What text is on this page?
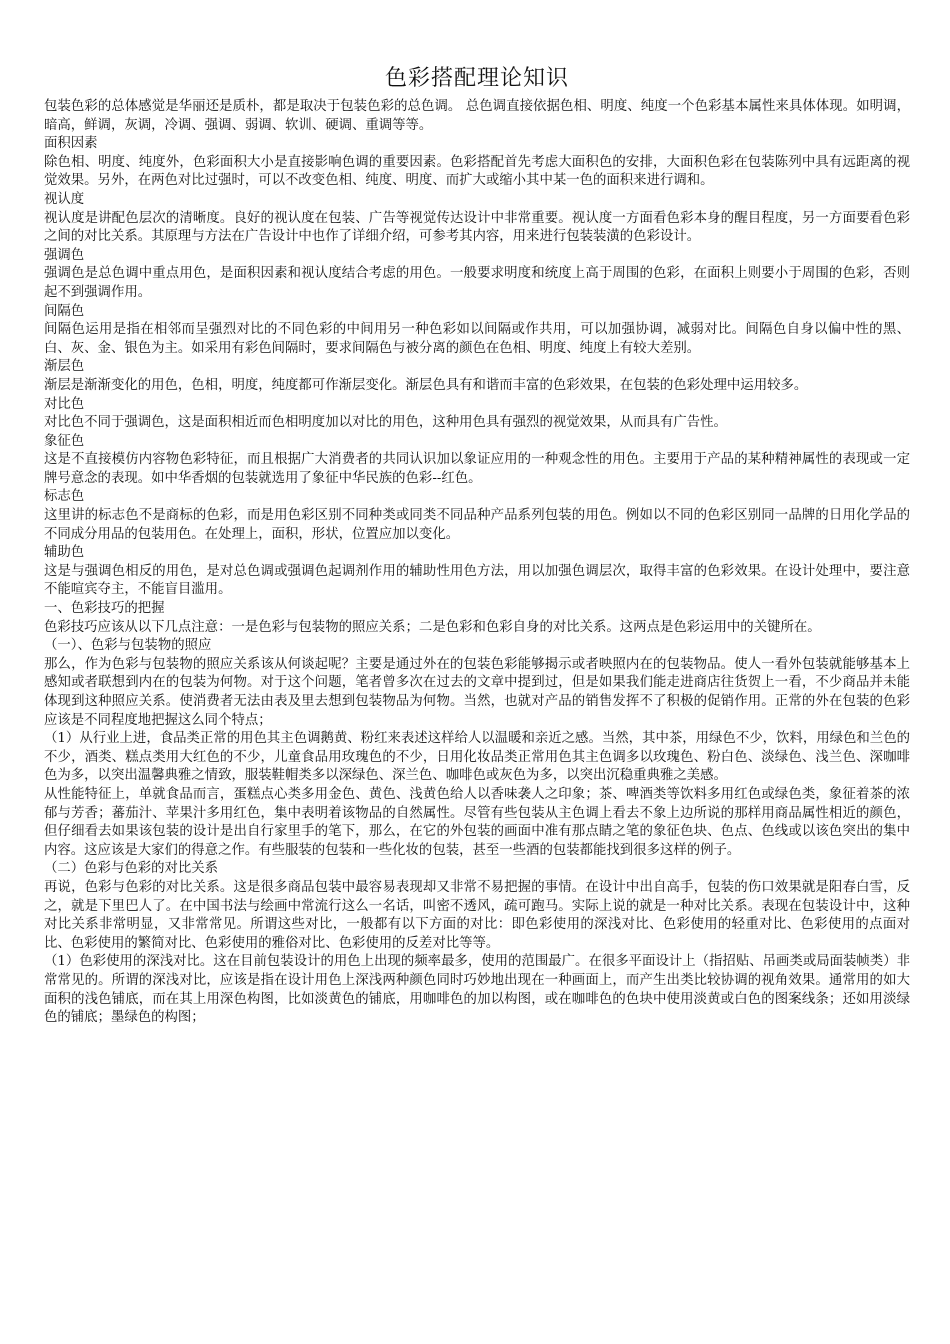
色彩搭配理论知识

包装色彩的总体感觉是华丽还是质朴，都是取决于包装色彩的总色调。 总色调直接依据色相、明度、纯度一个色彩基本属性来具体体现。如明调，暗高，鲜调，灰调，冷调、强调、弱调、软训、硬调、重调等等。

面积因素

除色相、明度、纯度外，色彩面积大小是直接影响色调的重要因素。色彩搭配首先考虑大面积色的安排，大面积色彩在包装陈列中具有远距离的视觉效果。另外，在两色对比过强时，可以不改变色相、纯度、明度、而扩大或缩小其中某一色的面积来进行调和。

视认度

视认度是讲配色层次的清晰度。良好的视认度在包装、广告等视觉传达设计中非常重要。视认度一方面看色彩本身的醒目程度，另一方面要看色彩之间的对比关系。其原理与方法在广告设计中也作了详细介绍，可参考其内容，用来进行包装装潢的色彩设计。

强调色

强调色是总色调中重点用色，是面积因素和视认度结合考虑的用色。一般要求明度和统度上高于周围的色彩，在面积上则要小于周围的色彩，否则起不到强调作用。

间隔色

间隔色运用是指在相邻而呈强烈对比的不同色彩的中间用另一种色彩如以间隔或作共用，可以加强协调，减弱对比。间隔色自身以偏中性的黑、白、灰、金、银色为主。如采用有彩色间隔时，要求间隔色与被分离的颜色在色相、明度、纯度上有较大差别。

渐层色

渐层是渐渐变化的用色，色相，明度，纯度都可作渐层变化。渐层色具有和谐而丰富的色彩效果，在包装的色彩处理中运用较多。

对比色

对比色不同于强调色，这是面积相近而色相明度加以对比的用色，这种用色具有强烈的视觉效果，从而具有广告性。

象征色

这是不直接模仿内容物色彩特征，而且根据广大消费者的共同认识加以象证应用的一种观念性的用色。主要用于产品的某种精神属性的表现或一定牌号意念的表现。如中华香烟的包装就选用了象征中华民族的色彩--红色。

标志色

这里讲的标志色不是商标的色彩，而是用色彩区别不同种类或同类不同品种产品系列包装的用色。例如以不同的色彩区别同一品牌的日用化学品的不同成分用品的包装用色。在处理上，面积，形状，位置应加以变化。

辅助色

这是与强调色相反的用色，是对总色调或强调色起调剂作用的辅助性用色方法，用以加强色调层次，取得丰富的色彩效果。在设计处理中，要注意不能喧宾夺主，不能盲目滥用。

一、色彩技巧的把握

色彩技巧应该从以下几点注意：一是色彩与包装物的照应关系；二是色彩和色彩自身的对比关系。这两点是色彩运用中的关键所在。

（一）、色彩与包装物的照应

那么，作为色彩与包装物的照应关系该从何谈起呢？主要是通过外在的包装色彩能够揭示或者映照内在的包装物品。使人一看外包装就能够基本上感知或者联想到内在的包装为何物。对于这个问题，笔者曾多次在过去的文章中提到过，但是如果我们能走进商店往货贺上一看，不少商品并未能体现到这种照应关系。使消费者无法由表及里去想到包装物品为何物。当然，也就对产品的销售发挥不了积极的促销作用。正常的外在包装的色彩应该是不同程度地把握这么同个特点；

（1）从行业上进，食品类正常的用色其主色调鹅黄、粉红来表述这样给人以温暖和亲近之感。当然，其中茶，用绿色不少，饮料，用绿色和兰色的不少，酒类、糕点类用大红色的不少，儿童食品用玫瑰色的不少，日用化妆品类正常用色其主色调多以玫瑰色、粉白色、淡绿色、浅兰色、深咖啡色为多，以突出温馨典雅之情致，服装鞋帽类多以深绿色、深兰色、咖啡色或灰色为多，以突出沉稳重典雅之美感。

从性能特征上，单就食品而言，蛋糕点心类多用金色、黄色、浅黄色给人以香味袭人之印象；茶、啤酒类等饮料多用红色或绿色类，象征着茶的浓郁与芳香；蕃茄汁、苹果汁多用红色，集中表明着该物品的自然属性。尽管有些包装从主色调上看去不象上边所说的那样用商品属性相近的颜色，但仔细看去如果该包装的设计是出自行家里手的笔下，那么，在它的外包装的画面中准有那点睛之笔的象征色块、色点、色线或以该色突出的集中内容。这应该是大家们的得意之作。有些服装的包装和一些化妆的包装，甚至一些酒的包装都能找到很多这样的例子。

（二）色彩与色彩的对比关系

再说，色彩与色彩的对比关系。这是很多商品包装中最容易表现却又非常不易把握的事情。在设计中出自高手，包装的伤口效果就是阳春白雪，反之，就是下里巴人了。在中国书法与绘画中常流行这么一名话，叫密不透风，疏可跑马。实际上说的就是一种对比关系。表现在包装设计中，这种对比关系非常明显，又非常常见。所谓这些对比，一般都有以下方面的对比：即色彩使用的深浅对比、色彩使用的轻重对比、色彩使用的点面对比、色彩使用的繁简对比、色彩使用的雅俗对比、色彩使用的反差对比等等。

（1）色彩使用的深浅对比。这在目前包装设计的用色上出现的频率最多，使用的范围最广。在很多平面设计上（指招贴、吊画类或局面装帧类）非常常见的。所谓的深浅对比，应该是指在设计用色上深浅两种颜色同时巧妙地出现在一种画面上，而产生出类比较协调的视角效果。通常用的如大面积的浅色铺底，而在其上用深色构图，比如淡黄色的铺底，用咖啡色的加以构图，或在咖啡色的色块中使用淡黄或白色的图案线条；还如用淡绿色的铺底；墨绿色的构图；
